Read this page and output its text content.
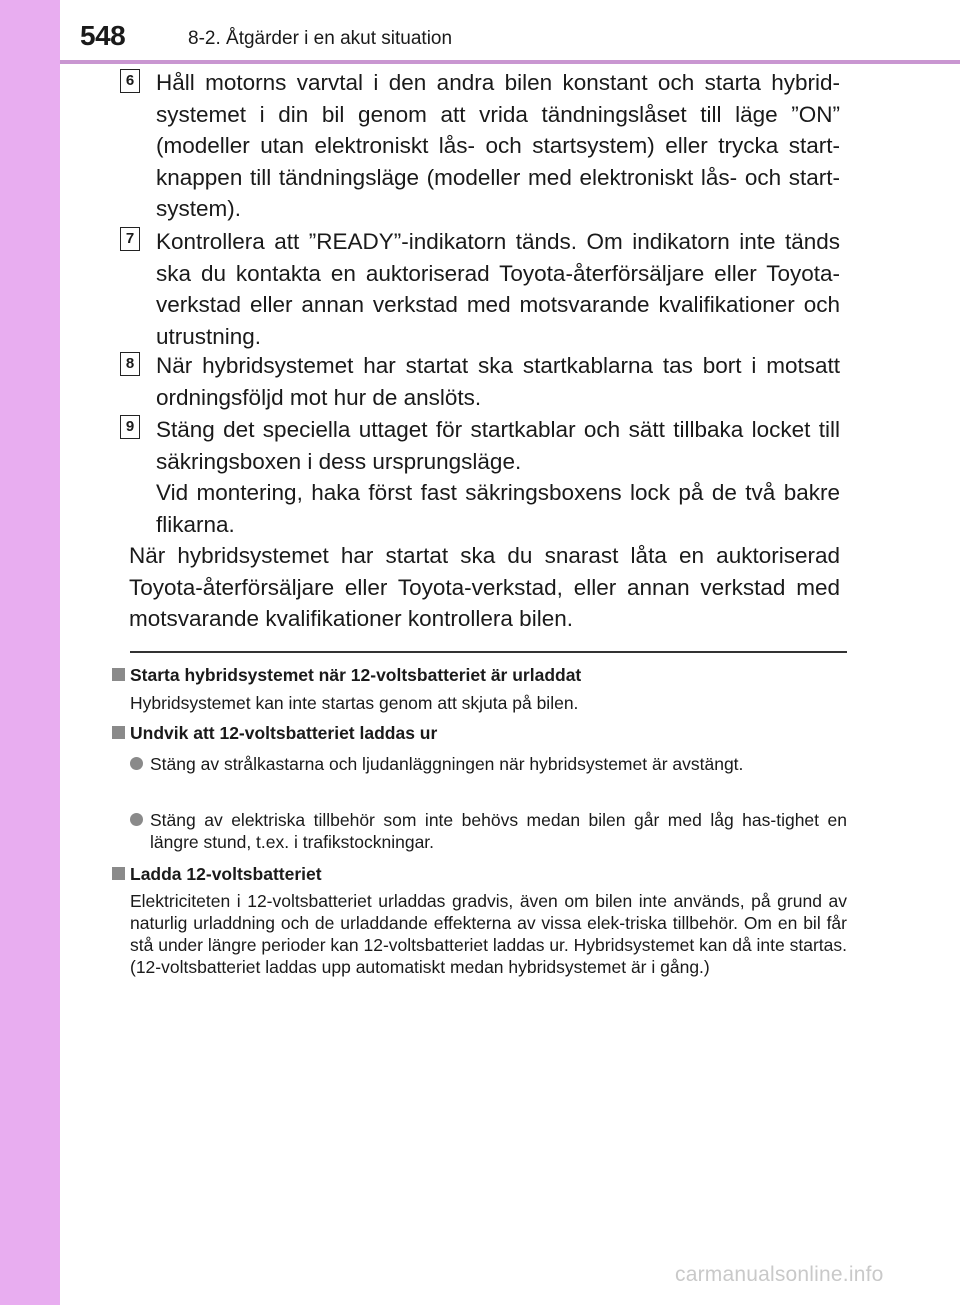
548	8-2. Åtgärder i en akut situation
6 Håll motorns varvtal i den andra bilen konstant och starta hybrid-systemet i din bil genom att vrida tändningslåset till läge ”ON” (modeller utan elektroniskt lås- och startsystem) eller trycka start-knappen till tändningsläge (modeller med elektroniskt lås- och start-system).
7 Kontrollera att ”READY”-indikatorn tänds. Om indikatorn inte tänds ska du kontakta en auktoriserad Toyota-återförsäljare eller Toyota-verkstad eller annan verkstad med motsvarande kvalifikationer och utrustning.
8 När hybridsystemet har startat ska startkablarna tas bort i motsatt ordningsföljd mot hur de anslöts.
9 Stäng det speciella uttaget för startkablar och sätt tillbaka locket till säkringsboxen i dess ursprungsläge.
Vid montering, haka först fast säkringsboxens lock på de två bakre flikarna.
När hybridsystemet har startat ska du snarast låta en auktoriserad Toyota-återförsäljare eller Toyota-verkstad, eller annan verkstad med motsvarande kvalifikationer kontrollera bilen.
Starta hybridsystemet när 12-voltsbatteriet är urladdat
Hybridsystemet kan inte startas genom att skjuta på bilen.
Undvik att 12-voltsbatteriet laddas ur
Stäng av strålkastarna och ljudanläggningen när hybridsystemet är avstängt.
Stäng av elektriska tillbehör som inte behövs medan bilen går med låg has-tighet en längre stund, t.ex. i trafikstockningar.
Ladda 12-voltsbatteriet
Elektriciteten i 12-voltsbatteriet urladdas gradvis, även om bilen inte används, på grund av naturlig urladdning och de urladdande effekterna av vissa elek-triska tillbehör. Om en bil får stå under längre perioder kan 12-voltsbatteriet laddas ur. Hybridsystemet kan då inte startas. (12-voltsbatteriet laddas upp automatiskt medan hybridsystemet är i gång.)
carmanualsonline.info
